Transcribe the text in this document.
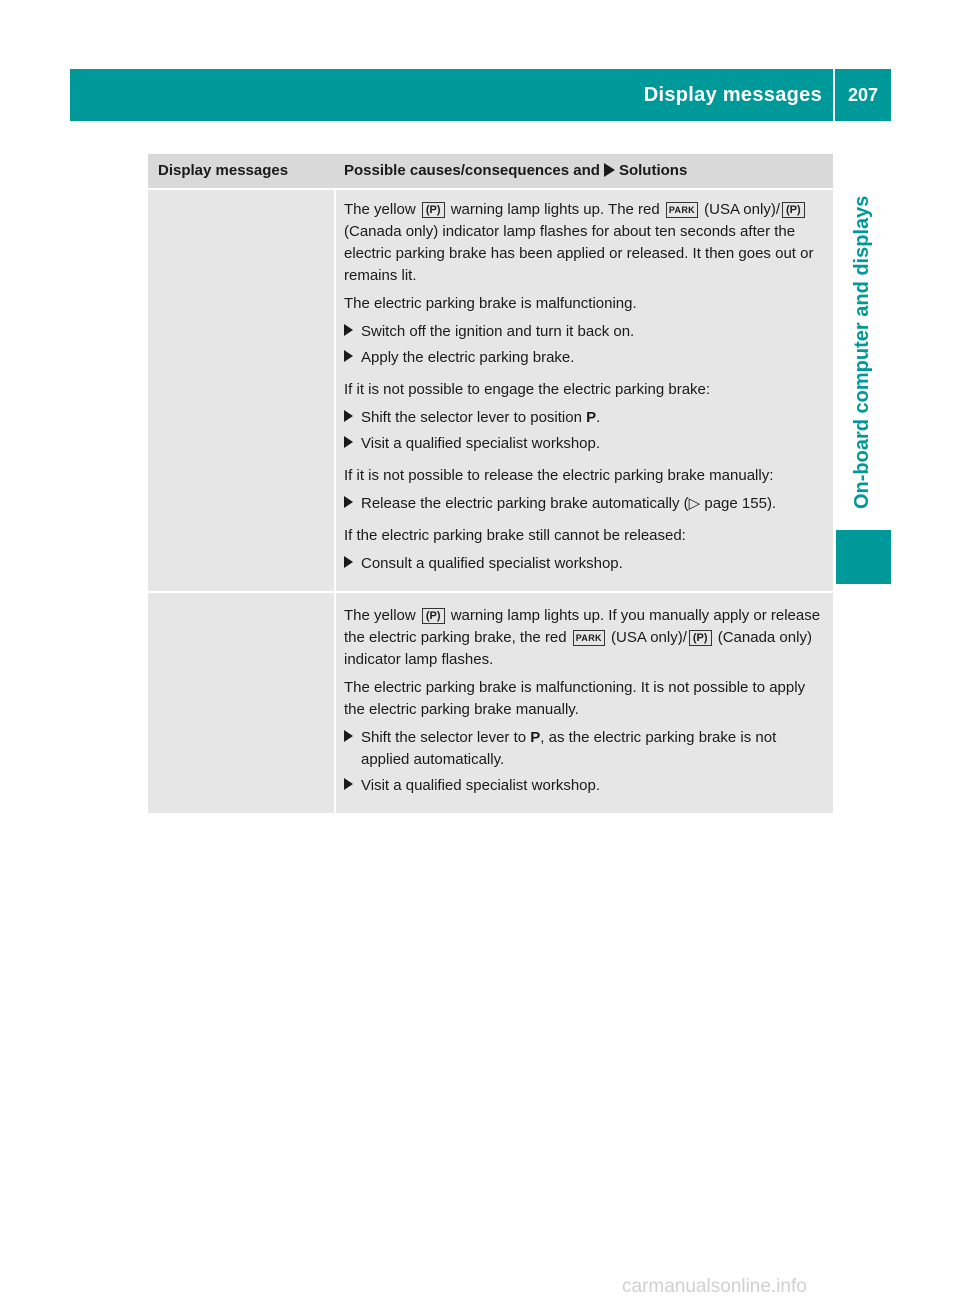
Display messages	207
On-board computer and displays
Display messages	Possible causes/consequences and Solutions

The yellow (P) warning lamp lights up. The red PARK (USA only)/ (P) (Canada only) indicator lamp flashes for about ten seconds after the electric parking brake has been applied or released. It then goes out or remains lit.

The electric parking brake is malfunctioning.

Switch off the ignition and turn it back on.
Apply the electric parking brake.

If it is not possible to engage the electric parking brake:

Shift the selector lever to position P.
Visit a qualified specialist workshop.

If it is not possible to release the electric parking brake manually:

Release the electric parking brake automatically (▷ page 155).

If the electric parking brake still cannot be released:

Consult a qualified specialist workshop.

The yellow (P) warning lamp lights up. If you manually apply or release the electric parking brake, the red PARK (USA only)/ (P) (Canada only) indicator lamp flashes.

The electric parking brake is malfunctioning. It is not possible to apply the electric parking brake manually.

Shift the selector lever to P, as the electric parking brake is not applied automatically.
Visit a qualified specialist workshop.
carmanualsonline.info
